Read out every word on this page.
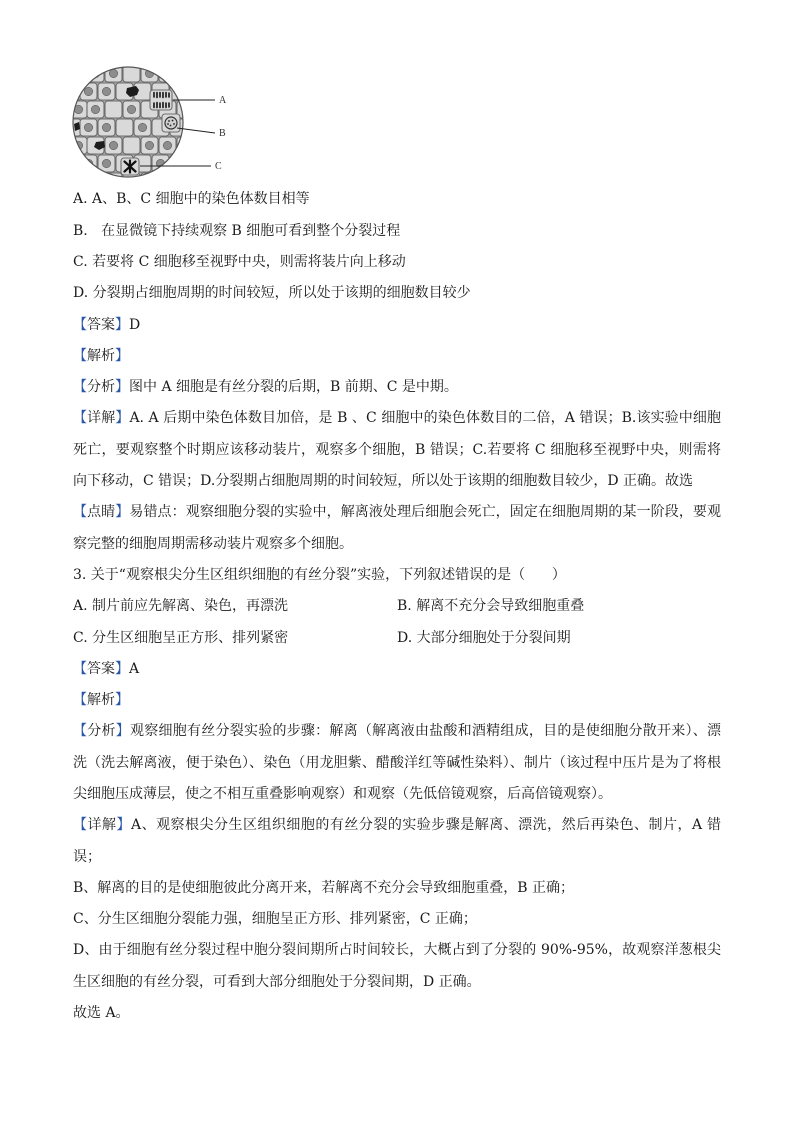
A
B
C
A. A、B、C 细胞中的染色体数目相等
B.   在显微镜下持续观察 B 细胞可看到整个分裂过程
C. 若要将 C 细胞移至视野中央，则需将装片向上移动
D. 分裂期占细胞周期的时间较短，所以处于该期的细胞数目较少
【答案】D
【解析】
【分析】图中 A 细胞是有丝分裂的后期，B 前期、C 是中期。
【详解】A. A 后期中染色体数目加倍，是 B 、C 细胞中的染色体数目的二倍，A 错误；B.该实验中细胞
死亡，要观察整个时期应该移动装片，观察多个细胞，B 错误；C.若要将 C 细胞移至视野中央，则需将
向下移动，C 错误；D.分裂期占细胞周期的时间较短，所以处于该期的细胞数目较少，D 正确。故选
【点睛】易错点：观察细胞分裂的实验中，解离液处理后细胞会死亡，固定在细胞周期的某一阶段，要观
察完整的细胞周期需移动装片观察多个细胞。
3. 关于“观察根尖分生区组织细胞的有丝分裂”实验，下列叙述错误的是（      ）
A. 制片前应先解离、染色，再漂洗	B. 解离不充分会导致细胞重叠
C. 分生区细胞呈正方形、排列紧密	D. 大部分细胞处于分裂间期
【答案】A
【解析】
【分析】观察细胞有丝分裂实验的步骤：解离（解离液由盐酸和酒精组成，目的是使细胞分散开来）、漂
洗（洗去解离液，便于染色）、染色（用龙胆紫、醋酸洋红等碱性染料）、制片（该过程中压片是为了将根
尖细胞压成薄层，使之不相互重叠影响观察）和观察（先低倍镜观察，后高倍镜观察）。
【详解】A、观察根尖分生区组织细胞的有丝分裂的实验步骤是解离、漂洗，然后再染色、制片，A 错
误；
B、解离的目的是使细胞彼此分离开来，若解离不充分会导致细胞重叠，B 正确；
C、分生区细胞分裂能力强，细胞呈正方形、排列紧密，C 正确；
D、由于细胞有丝分裂过程中胞分裂间期所占时间较长，大概占到了分裂的 90%-95%，故观察洋葱根尖
生区细胞的有丝分裂，可看到大部分细胞处于分裂间期，D 正确。
故选 A。
